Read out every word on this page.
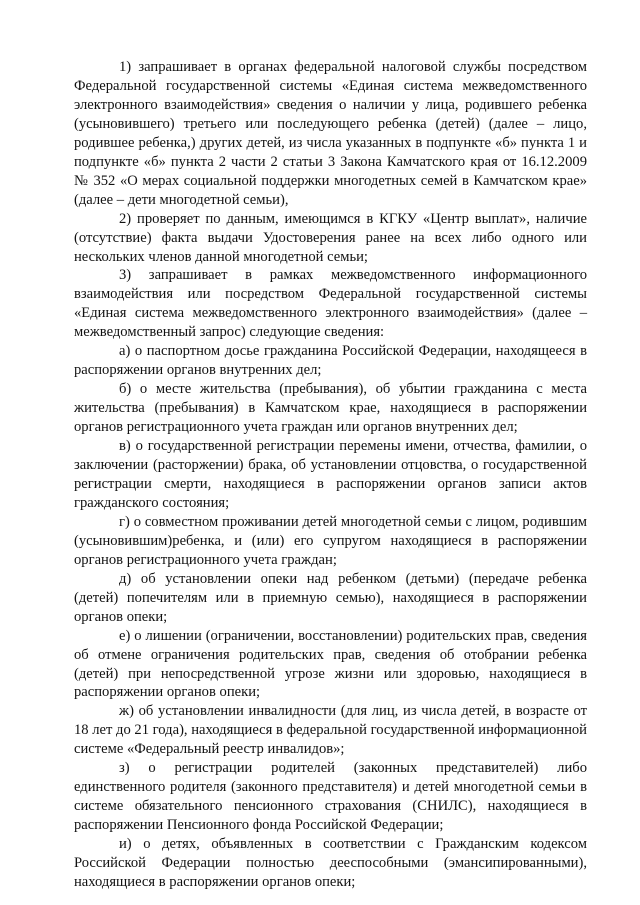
1) запрашивает в органах федеральной налоговой службы посредством Федеральной государственной системы «Единая система межведомственного электронного взаимодействия» сведения о наличии у лица, родившего ребенка (усыновившего) третьего или последующего ребенка (детей) (далее – лицо, родившее ребенка,) других детей, из числа указанных в подпункте «б» пункта 1 и подпункте «б» пункта 2 части 2 статьи 3 Закона Камчатского края от 16.12.2009 № 352 «О мерах социальной поддержки многодетных семей в Камчатском крае» (далее – дети многодетной семьи),

2) проверяет по данным, имеющимся в КГКУ «Центр выплат», наличие (отсутствие) факта выдачи Удостоверения ранее на всех либо одного или нескольких членов данной многодетной семьи;

3) запрашивает в рамках межведомственного информационного взаимодействия или посредством Федеральной государственной системы «Единая система межведомственного электронного взаимодействия» (далее – межведомственный запрос) следующие сведения:

а) о паспортном досье гражданина Российской Федерации, находящееся в распоряжении органов внутренних дел;

б) о месте жительства (пребывания), об убытии гражданина с места жительства (пребывания) в Камчатском крае, находящиеся в распоряжении органов регистрационного учета граждан или органов внутренних дел;

в) о государственной регистрации перемены имени, отчества, фамилии, о заключении (расторжении) брака, об установлении отцовства, о государственной регистрации смерти, находящиеся в распоряжении органов записи актов гражданского состояния;

г) о совместном проживании детей многодетной семьи с лицом, родившим (усыновившим)ребенка, и (или) его супругом находящиеся в распоряжении органов регистрационного учета граждан;

д) об установлении опеки над ребенком (детьми) (передаче ребенка (детей) попечителям или в приемную семью), находящиеся в распоряжении органов опеки;

е) о лишении (ограничении, восстановлении) родительских прав, сведения об отмене ограничения родительских прав, сведения об отобрании ребенка (детей) при непосредственной угрозе жизни или здоровью, находящиеся в распоряжении органов опеки;

ж) об установлении инвалидности (для лиц, из числа детей, в возрасте от 18 лет до 21 года), находящиеся в федеральной государственной информационной системе «Федеральный реестр инвалидов»;

з) о регистрации родителей (законных представителей) либо единственного родителя (законного представителя) и детей многодетной семьи в системе обязательного пенсионного страхования (СНИЛС), находящиеся в распоряжении Пенсионного фонда Российской Федерации;

и) о детях, объявленных в соответствии с Гражданским кодексом Российской Федерации полностью дееспособными (эмансипированными), находящиеся в распоряжении органов опеки;
